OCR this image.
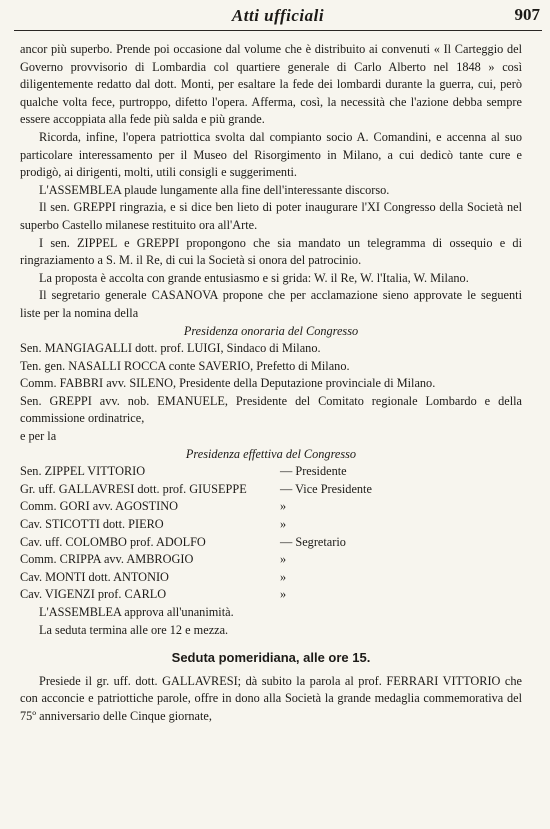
Atti ufficiali	907

ancor più superbo. Prende poi occasione dal volume che è distribuito ai convenuti « Il Carteggio del Governo provvisorio di Lombardia col quartiere generale di Carlo Alberto nel 1848 » così diligentemente redatto dal dott. Monti, per esaltare la fede dei lombardi durante la guerra, cui, però qualche volta fece, purtroppo, difetto l'opera. Afferma, così, la necessità che l'azione debba sempre essere accoppiata alla fede più salda e più grande.

Ricorda, infine, l'opera patriottica svolta dal compianto socio A. Comandini, e accenna al suo particolare interessamento per il Museo del Risorgimento in Milano, a cui dedicò tante cure e prodigò, ai dirigenti, molti, utili consigli e suggerimenti.

L'ASSEMBLEA plaude lungamente alla fine dell'interessante discorso.

Il sen. GREPPI ringrazia, e si dice ben lieto di poter inaugurare l'XI Congresso della Società nel superbo Castello milanese restituito ora all'Arte.

I sen. ZIPPEL e GREPPI propongono che sia mandato un telegramma di ossequio e di ringraziamento a S. M. il Re, di cui la Società si onora del patrocinio.

La proposta è accolta con grande entusiasmo e si grida: W. il Re, W. l'Italia, W. Milano.

Il segretario generale CASANOVA propone che per acclamazione sieno approvate le seguenti liste per la nomina della

Presidenza onoraria del Congresso

Sen. MANGIAGALLI dott. prof. LUIGI, Sindaco di Milano.

Ten. gen. NASALLI ROCCA conte SAVERIO, Prefetto di Milano.

Comm. FABBRI avv. SILENO, Presidente della Deputazione provinciale di Milano.

Sen. GREPPI avv. nob. EMANUELE, Presidente del Comitato regionale Lombardo e della commissione ordinatrice,

e per la

Presidenza effettiva del Congresso

Sen. ZIPPEL VITTORIO	— Presidente
Gr. uff. GALLAVRESI dott. prof. GIUSEPPE	— Vice Presidente
Comm. GORI avv. AGOSTINO	»
Cav. STICOTTI dott. PIERO	»
Cav. uff. COLOMBO prof. ADOLFO	— Segretario
Comm. CRIPPA avv. AMBROGIO	»
Cav. MONTI dott. ANTONIO	»
Cav. VIGENZI prof. CARLO	»

L'ASSEMBLEA approva all'unanimità.

La seduta termina alle ore 12 e mezza.

Seduta pomeridiana, alle ore 15.

Presiede il gr. uff. dott. GALLAVRESI; dà subito la parola al prof. FERRARI VITTORIO che con acconcie e patriottiche parole, offre in dono alla Società la grande medaglia commemorativa del 75º anniversario delle Cinque giornate,
